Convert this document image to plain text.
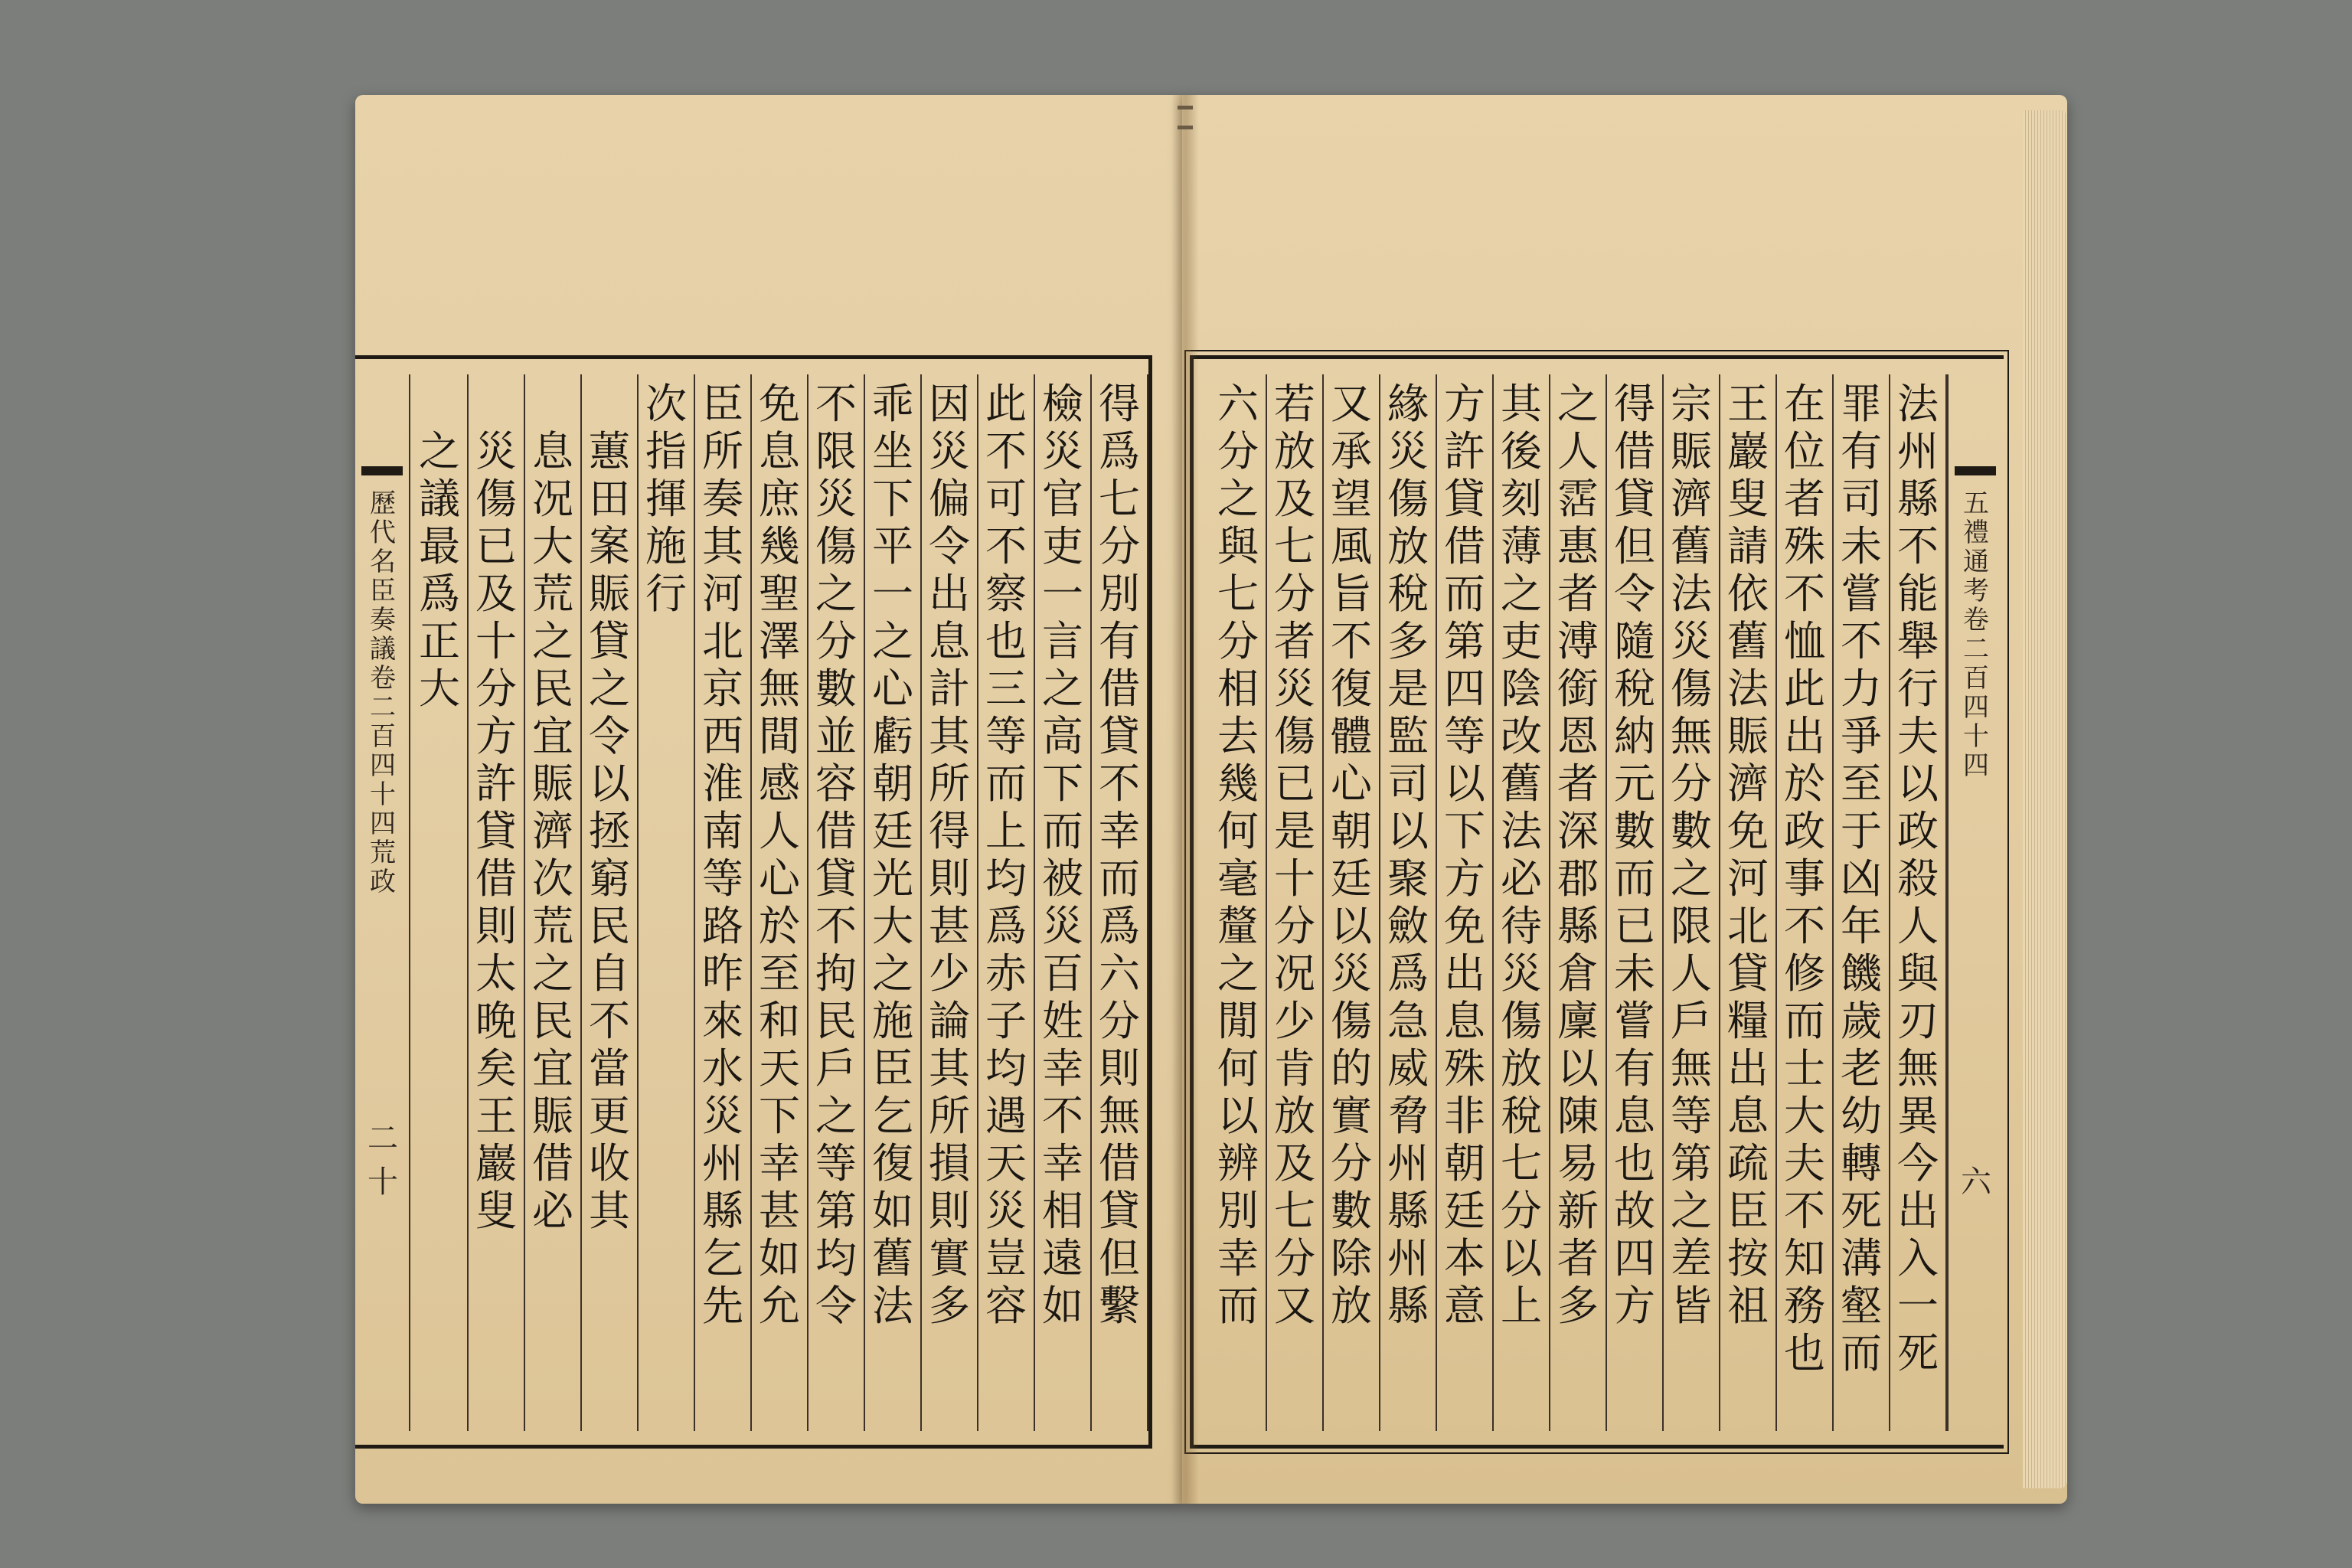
得爲七分別有借貸不幸而爲六分則無借貸但繫
檢災官吏一言之高下而被災百姓幸不幸相遠如
此不可不察也三等而上均爲赤子均遇天災豈容
因災偏令出息計其所得則甚少論其所損則實多
乖坐下平一之心虧朝廷光大之施臣乞復如舊法
不限災傷之分數並容借貸不拘民戶之等第均令
免息庶幾聖澤無間感人心於至和天下幸甚如允
臣所奏其河北京西淮南等路昨來水災州縣乞先
次指揮施行
蕙田案賑貸之令以拯窮民自不當更收其
息况大荒之民宜賑濟次荒之民宜賑借必
災傷已及十分方許貸借則太晚矣王巖叟
之議最爲正大
歷代名臣奏議卷二百四十四荒政
二十
五禮通考卷二百四十四
六
法州縣不能舉行夫以政殺人與刃無異今出入一死
罪有司未嘗不力爭至于凶年饑歲老幼轉死溝壑而
在位者殊不恤此出於政事不修而士大夫不知務也
王巖叟請依舊法賑濟免河北貸糧出息疏臣按祖
宗賑濟舊法災傷無分數之限人戶無等第之差皆
得借貸但令隨稅納元數而已未嘗有息也故四方
之人霑惠者溥銜恩者深郡縣倉廩以陳易新者多
其後刻薄之吏陰改舊法必待災傷放稅七分以上
方許貸借而第四等以下方免出息殊非朝廷本意
緣災傷放稅多是監司以聚斂爲急威脅州縣州縣
又承望風旨不復體心朝廷以災傷的實分數除放
若放及七分者災傷已是十分况少肯放及七分又
六分之與七分相去幾何毫釐之閒何以辨別幸而
